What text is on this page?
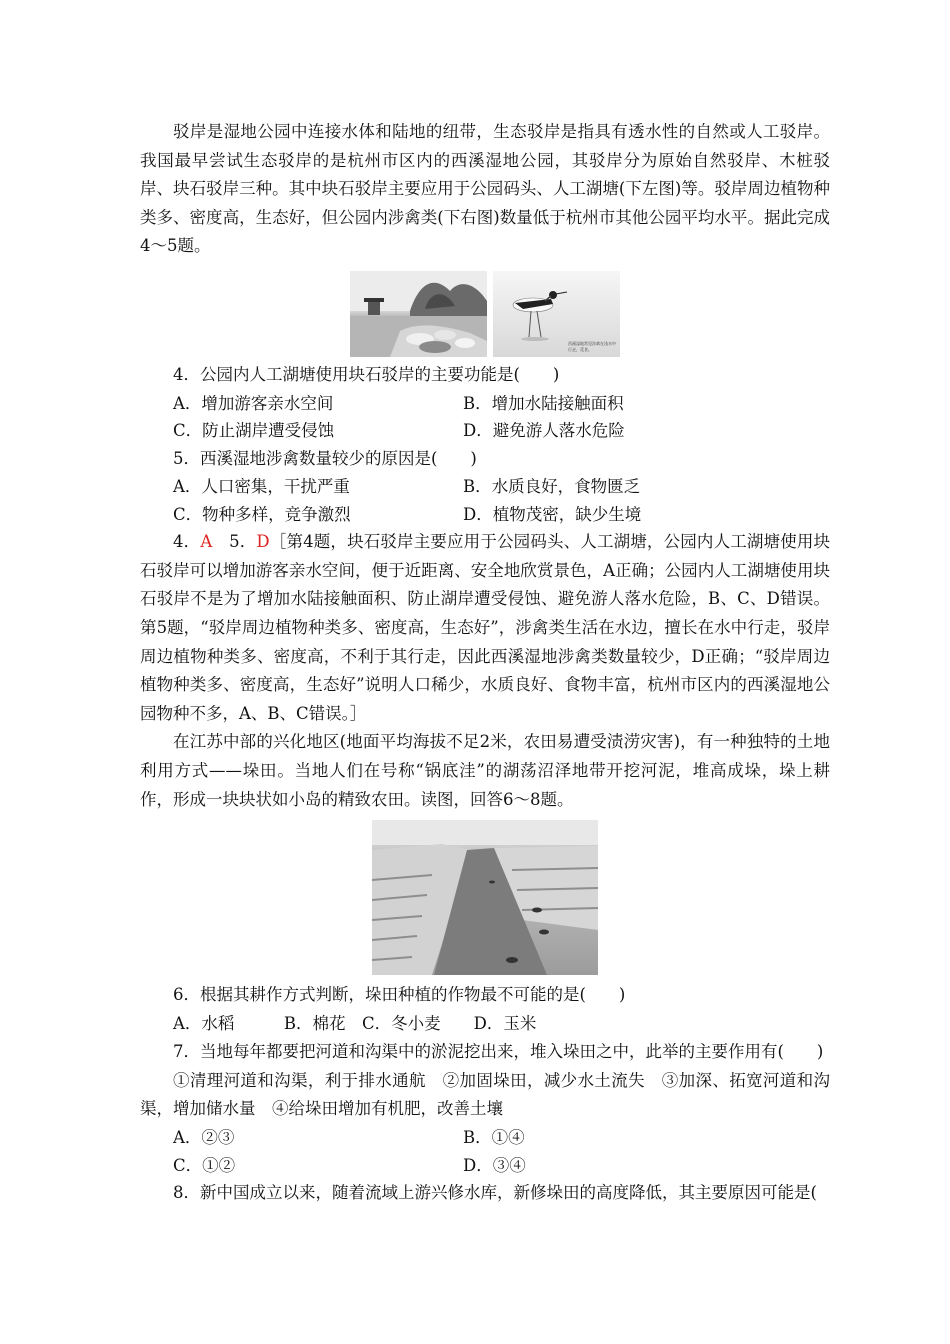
驳岸是湿地公园中连接水体和陆地的纽带，生态驳岸是指具有透水性的自然或人工驳岸。我国最早尝试生态驳岸的是杭州市区内的西溪湿地公园，其驳岸分为原始自然驳岸、木桩驳岸、块石驳岸三种。其中块石驳岸主要应用于公园码头、人工湖塘(下左图)等。驳岸周边植物种类多、密度高，生态好，但公园内涉禽类(下右图)数量低于杭州市其他公园平均水平。据此完成4～5题。

西溪湿地常见涉禽在浅水中行走，觅食。

4．公园内人工湖塘使用块石驳岸的主要功能是(　　)

A．增加游客亲水空间	B．增加水陆接触面积
C．防止湖岸遭受侵蚀	D．避免游人落水危险

5．西溪湿地涉禽数量较少的原因是(　　)

A．人口密集，干扰严重	B．水质良好，食物匮乏
C．物种多样，竞争激烈	D．植物茂密，缺少生境

4．A　5．D［第4题，块石驳岸主要应用于公园码头、人工湖塘，公园内人工湖塘使用块石驳岸可以增加游客亲水空间，便于近距离、安全地欣赏景色，A正确；公园内人工湖塘使用块石驳岸不是为了增加水陆接触面积、防止湖岸遭受侵蚀、避免游人落水危险，B、C、D错误。第5题，“驳岸周边植物种类多、密度高，生态好”，涉禽类生活在水边，擅长在水中行走，驳岸周边植物种类多、密度高，不利于其行走，因此西溪湿地涉禽类数量较少，D正确；“驳岸周边植物种类多、密度高，生态好”说明人口稀少，水质良好、食物丰富，杭州市区内的西溪湿地公园物种不多，A、B、C错误。］

在江苏中部的兴化地区(地面平均海拔不足2米，农田易遭受渍涝灾害)，有一种独特的土地利用方式——垛田。当地人们在号称“锅底洼”的湖荡沼泽地带开挖河泥，堆高成垛，垛上耕作，形成一块块状如小岛的精致农田。读图，回答6～8题。

6．根据其耕作方式判断，垛田种植的作物最不可能的是(　　)

A．水稻　　　B．棉花　C．冬小麦　　D．玉米

7．当地每年都要把河道和沟渠中的淤泥挖出来，堆入垛田之中，此举的主要作用有(　　)

①清理河道和沟渠，利于排水通航　②加固垛田，减少水土流失　③加深、拓宽河道和沟渠，增加储水量　④给垛田增加有机肥，改善土壤

A．②③	B．①④
C．①②	D．③④

8．新中国成立以来，随着流域上游兴修水库，新修垛田的高度降低，其主要原因可能是(
